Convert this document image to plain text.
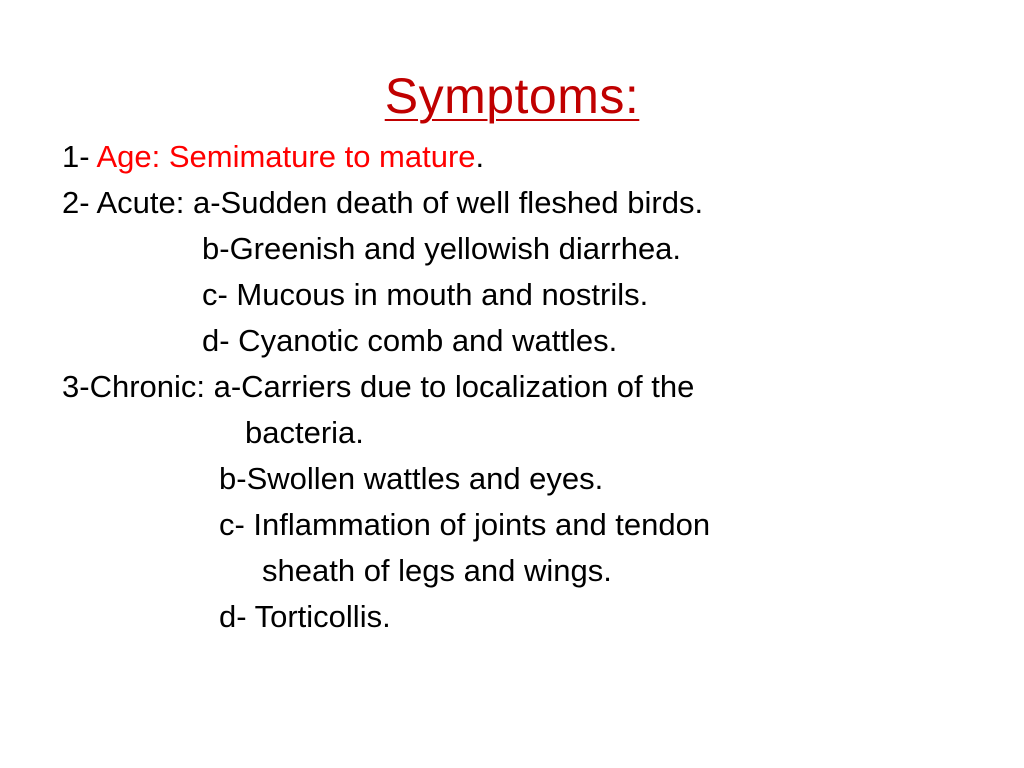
Symptoms:

1- Age: Semimature to mature.

2- Acute: a-Sudden death of well fleshed birds.

b-Greenish and yellowish diarrhea.

c- Mucous in mouth and nostrils.

d- Cyanotic comb and wattles.

3-Chronic: a-Carriers due to localization of the

bacteria.

b-Swollen wattles and eyes.

c- Inflammation of joints and tendon

sheath of legs and wings.

d- Torticollis.
